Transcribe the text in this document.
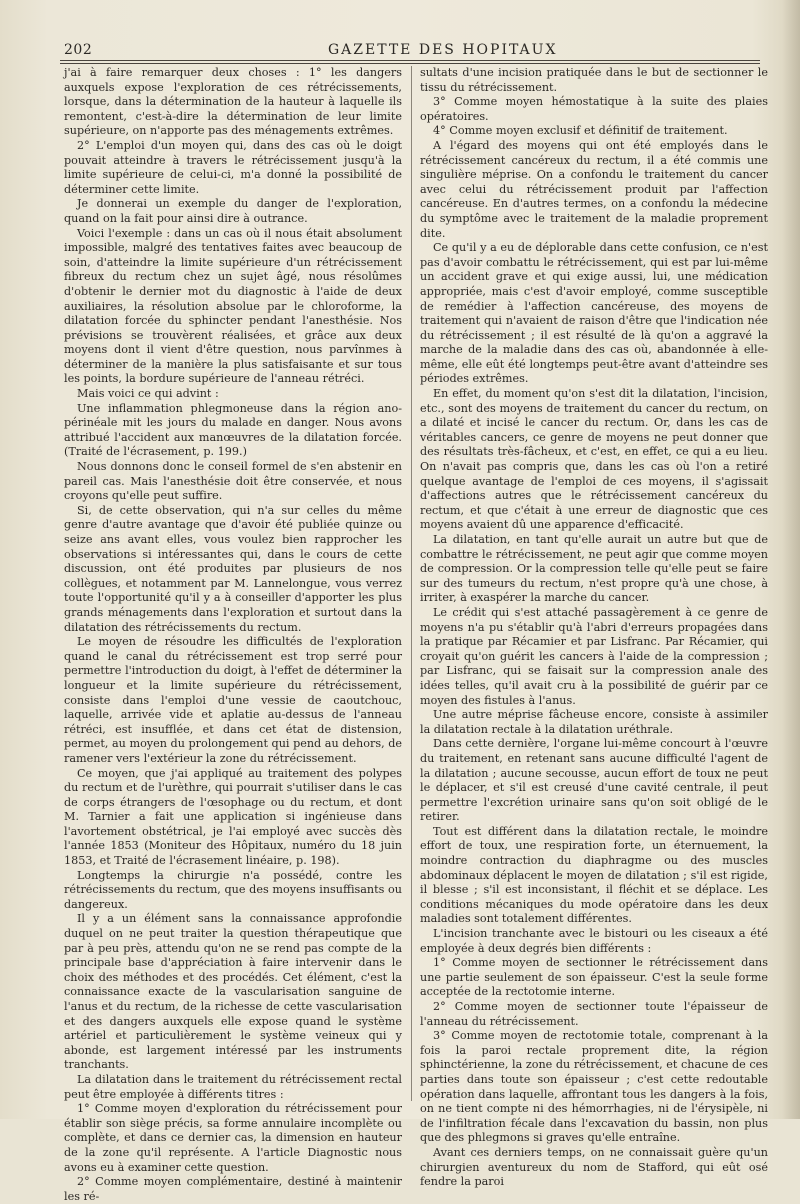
202	GAZETTE DES HOPITAUX

j'ai à faire remarquer deux choses : 1° les dangers auxquels expose l'exploration de ces rétrécissements, lorsque, dans la détermination de la hauteur à laquelle ils remontent, c'est-à-dire la détermination de leur limite supérieure, on n'apporte pas des ménagements extrêmes.

2° L'emploi d'un moyen qui, dans des cas où le doigt pouvait atteindre à travers le rétrécissement jusqu'à la limite supérieure de celui-ci, m'a donné la possibilité de déterminer cette limite.

Je donnerai un exemple du danger de l'exploration, quand on la fait pour ainsi dire à outrance.

Voici l'exemple : dans un cas où il nous était absolument impossible, malgré des tentatives faites avec beaucoup de soin, d'atteindre la limite supérieure d'un rétrécissement fibreux du rectum chez un sujet âgé, nous résolûmes d'obtenir le dernier mot du diagnostic à l'aide de deux auxiliaires, la résolution absolue par le chloroforme, la dilatation forcée du sphincter pendant l'anesthésie. Nos prévisions se trouvèrent réalisées, et grâce aux deux moyens dont il vient d'être question, nous parvînmes à déterminer de la manière la plus satisfaisante et sur tous les points, la bordure supérieure de l'anneau rétréci.

Mais voici ce qui advint :

Une inflammation phlegmoneuse dans la région ano-périnéale mit les jours du malade en danger. Nous avons attribué l'accident aux manœuvres de la dilatation forcée. (Traité de l'écrasement, p. 199.)

Nous donnons donc le conseil formel de s'en abstenir en pareil cas. Mais l'anesthésie doit être conservée, et nous croyons qu'elle peut suffire.

Si, de cette observation, qui n'a sur celles du même genre d'autre avantage que d'avoir été publiée quinze ou seize ans avant elles, vous voulez bien rapprocher les observations si intéressantes qui, dans le cours de cette discussion, ont été produites par plusieurs de nos collègues, et notamment par M. Lannelongue, vous verrez toute l'opportunité qu'il y a à conseiller d'apporter les plus grands ménagements dans l'exploration et surtout dans la dilatation des rétrécissements du rectum.

Le moyen de résoudre les difficultés de l'exploration quand le canal du rétrécissement est trop serré pour permettre l'introduction du doigt, à l'effet de déterminer la longueur et la limite supérieure du rétrécissement, consiste dans l'emploi d'une vessie de caoutchouc, laquelle, arrivée vide et aplatie au-dessus de l'anneau rétréci, est insufflée, et dans cet état de distension, permet, au moyen du prolongement qui pend au dehors, de ramener vers l'extérieur la zone du rétrécissement.

Ce moyen, que j'ai appliqué au traitement des polypes du rectum et de l'urèthre, qui pourrait s'utiliser dans le cas de corps étrangers de l'œsophage ou du rectum, et dont M. Tarnier a fait une application si ingénieuse dans l'avortement obstétrical, je l'ai employé avec succès dès l'année 1853 (Moniteur des Hôpitaux, numéro du 18 juin 1853, et Traité de l'écrasement linéaire, p. 198).

Longtemps la chirurgie n'a possédé, contre les rétrécissements du rectum, que des moyens insuffisants ou dangereux.

Il y a un élément sans la connaissance approfondie duquel on ne peut traiter la question thérapeutique que par à peu près, attendu qu'on ne se rend pas compte de la principale base d'appréciation à faire intervenir dans le choix des méthodes et des procédés. Cet élément, c'est la connaissance exacte de la vascularisation sanguine de l'anus et du rectum, de la richesse de cette vascularisation et des dangers auxquels elle expose quand le système artériel et particulièrement le système veineux qui y abonde, est largement intéressé par les instruments tranchants.

La dilatation dans le traitement du rétrécissement rectal peut être employée à différents titres :

1° Comme moyen d'exploration du rétrécissement pour établir son siège précis, sa forme annulaire incomplète ou complète, et dans ce dernier cas, la dimension en hauteur de la zone qu'il représente. A l'article Diagnostic nous avons eu à examiner cette question.

2° Comme moyen complémentaire, destiné à maintenir les ré-

sultats d'une incision pratiquée dans le but de sectionner le tissu du rétrécissement.

3° Comme moyen hémostatique à la suite des plaies opératoires.

4° Comme moyen exclusif et définitif de traitement.

A l'égard des moyens qui ont été employés dans le rétrécissement cancéreux du rectum, il a été commis une singulière méprise. On a confondu le traitement du cancer avec celui du rétrécissement produit par l'affection cancéreuse. En d'autres termes, on a confondu la médecine du symptôme avec le traitement de la maladie proprement dite.

Ce qu'il y a eu de déplorable dans cette confusion, ce n'est pas d'avoir combattu le rétrécissement, qui est par lui-même un accident grave et qui exige aussi, lui, une médication appropriée, mais c'est d'avoir employé, comme susceptible de remédier à l'affection cancéreuse, des moyens de traitement qui n'avaient de raison d'être que l'indication née du rétrécissement ; il est résulté de là qu'on a aggravé la marche de la maladie dans des cas où, abandonnée à elle-même, elle eût été longtemps peut-être avant d'atteindre ses périodes extrêmes.

En effet, du moment qu'on s'est dit la dilatation, l'incision, etc., sont des moyens de traitement du cancer du rectum, on a dilaté et incisé le cancer du rectum. Or, dans les cas de véritables cancers, ce genre de moyens ne peut donner que des résultats très-fâcheux, et c'est, en effet, ce qui a eu lieu. On n'avait pas compris que, dans les cas où l'on a retiré quelque avantage de l'emploi de ces moyens, il s'agissait d'affections autres que le rétrécissement cancéreux du rectum, et que c'était à une erreur de diagnostic que ces moyens avaient dû une apparence d'efficacité.

La dilatation, en tant qu'elle aurait un autre but que de combattre le rétrécissement, ne peut agir que comme moyen de compression. Or la compression telle qu'elle peut se faire sur des tumeurs du rectum, n'est propre qu'à une chose, à irriter, à exaspérer la marche du cancer.

Le crédit qui s'est attaché passagèrement à ce genre de moyens n'a pu s'établir qu'à l'abri d'erreurs propagées dans la pratique par Récamier et par Lisfranc. Par Récamier, qui croyait qu'on guérit les cancers à l'aide de la compression ; par Lisfranc, qui se faisait sur la compression anale des idées telles, qu'il avait cru à la possibilité de guérir par ce moyen des fistules à l'anus.

Une autre méprise fâcheuse encore, consiste à assimiler la dilatation rectale à la dilatation uréthrale.

Dans cette dernière, l'organe lui-même concourt à l'œuvre du traitement, en retenant sans aucune difficulté l'agent de la dilatation ; aucune secousse, aucun effort de toux ne peut le déplacer, et s'il est creusé d'une cavité centrale, il peut permettre l'excrétion urinaire sans qu'on soit obligé de le retirer.

Tout est différent dans la dilatation rectale, le moindre effort de toux, une respiration forte, un éternuement, la moindre contraction du diaphragme ou des muscles abdominaux déplacent le moyen de dilatation ; s'il est rigide, il blesse ; s'il est inconsistant, il fléchit et se déplace. Les conditions mécaniques du mode opératoire dans les deux maladies sont totalement différentes.

L'incision tranchante avec le bistouri ou les ciseaux a été employée à deux degrés bien différents :

1° Comme moyen de sectionner le rétrécissement dans une partie seulement de son épaisseur. C'est la seule forme acceptée de la rectotomie interne.

2° Comme moyen de sectionner toute l'épaisseur de l'anneau du rétrécissement.

3° Comme moyen de rectotomie totale, comprenant à la fois la paroi rectale proprement dite, la région sphinctérienne, la zone du rétrécissement, et chacune de ces parties dans toute son épaisseur ; c'est cette redoutable opération dans laquelle, affrontant tous les dangers à la fois, on ne tient compte ni des hémorrhagies, ni de l'érysipèle, ni de l'infiltration fécale dans l'excavation du bassin, non plus que des phlegmons si graves qu'elle entraîne.

Avant ces derniers temps, on ne connaissait guère qu'un chirurgien aventureux du nom de Stafford, qui eût osé fendre la paroi
